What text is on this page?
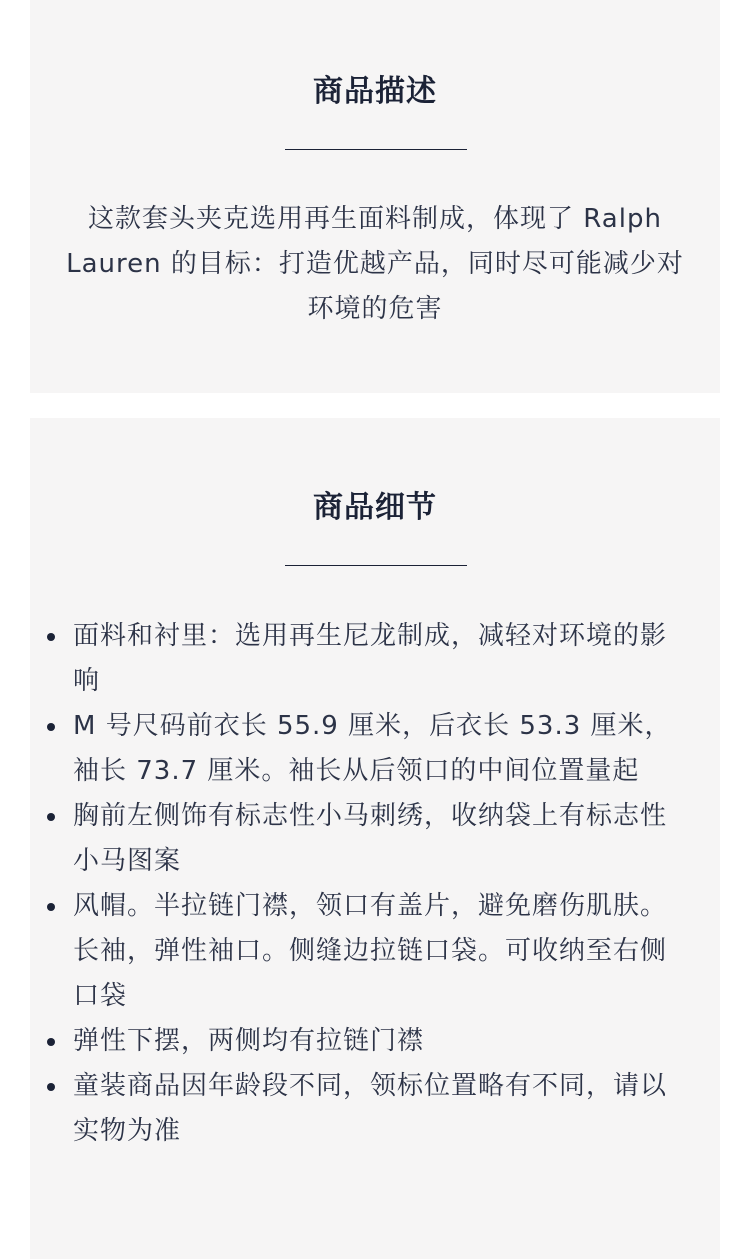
商品描述

这款套头夹克选用再生面料制成，体现了 Ralph Lauren 的目标：打造优越产品，同时尽可能减少对环境的危害

商品细节
面料和衬里：选用再生尼龙制成，减轻对环境的影响
M 号尺码前衣长 55.9 厘米，后衣长 53.3 厘米，袖长 73.7 厘米。袖长从后领口的中间位置量起
胸前左侧饰有标志性小马刺绣，收纳袋上有标志性小马图案
风帽。半拉链门襟，领口有盖片，避免磨伤肌肤。长袖，弹性袖口。侧缝边拉链口袋。可收纳至右侧口袋
弹性下摆，两侧均有拉链门襟
童装商品因年龄段不同，领标位置略有不同，请以实物为准
